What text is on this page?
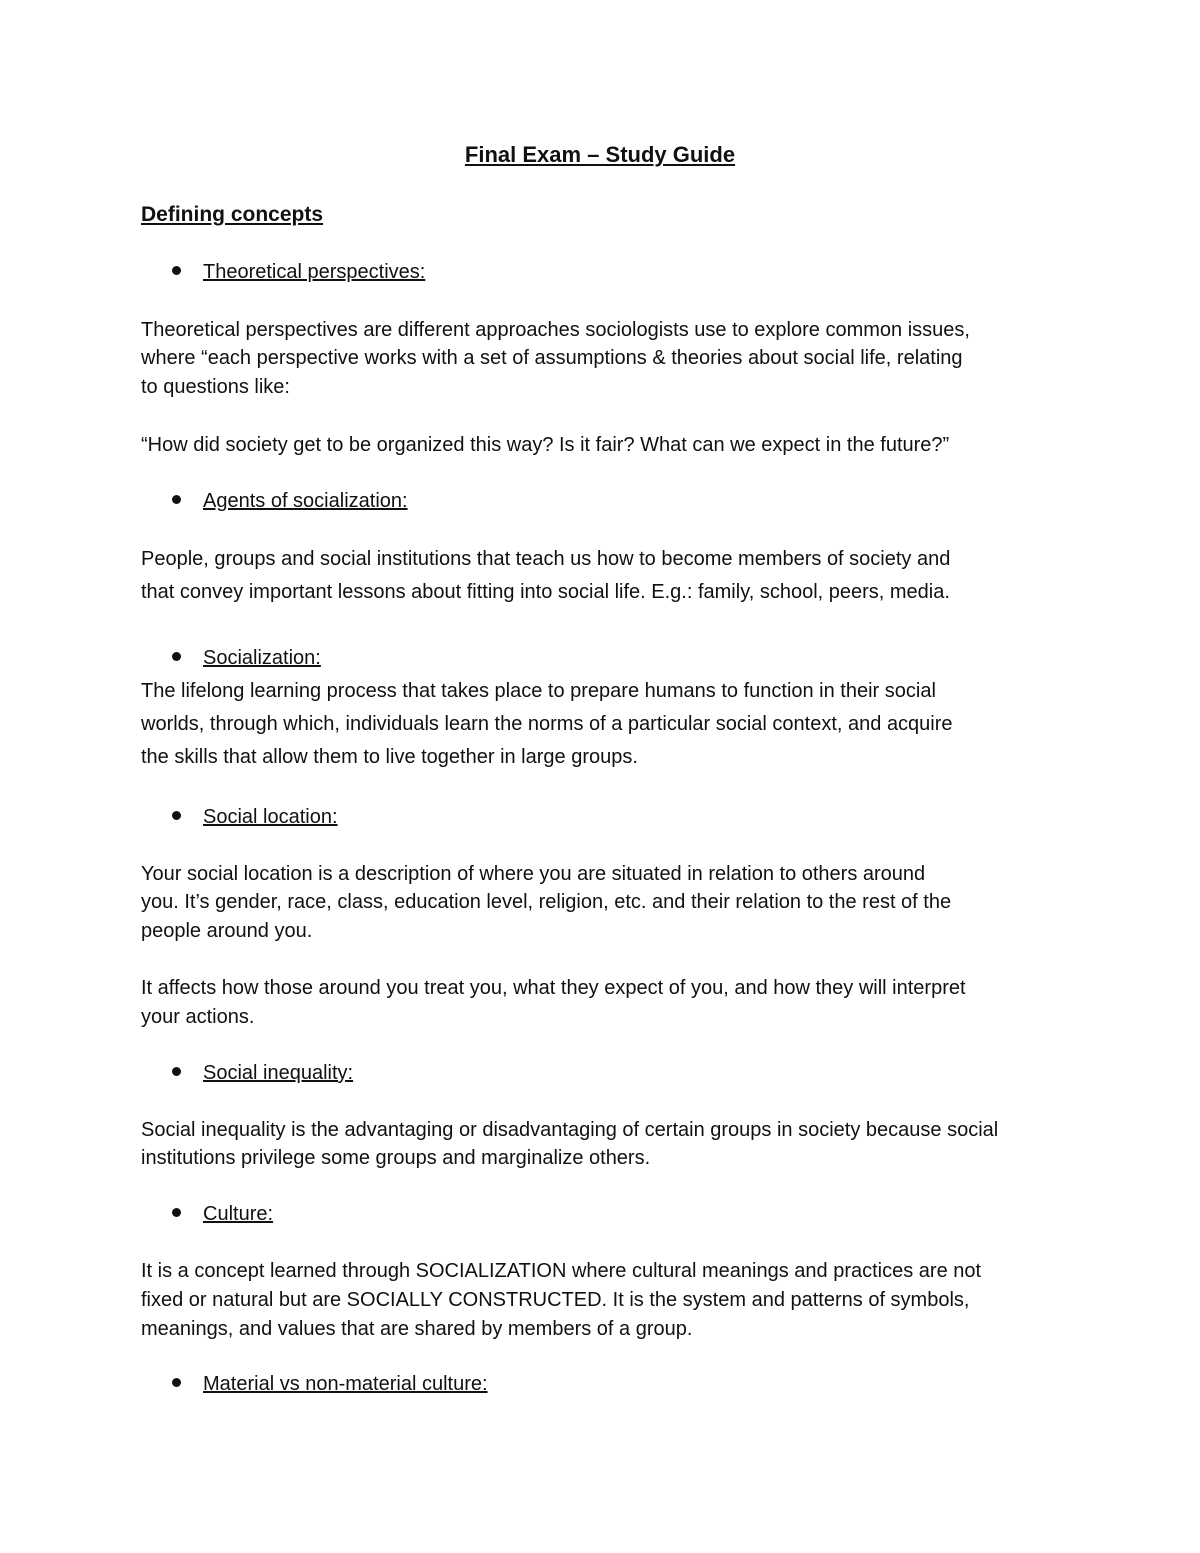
Final Exam – Study Guide
Defining concepts
Theoretical perspectives:
Theoretical perspectives are different approaches sociologists use to explore common issues,
where “each perspective works with a set of assumptions & theories about social life, relating
to questions like:
“How did society get to be organized this way? Is it fair? What can we expect in the future?”
Agents of socialization:
People, groups and social institutions that teach us how to become members of society and
that convey important lessons about fitting into social life. E.g.: family, school, peers, media.
Socialization:
The lifelong learning process that takes place to prepare humans to function in their social
worlds, through which, individuals learn the norms of a particular social context, and acquire
the skills that allow them to live together in large groups.
Social location:
Your social location is a description of where you are situated in relation to others around
you. It’s gender, race, class, education level, religion, etc. and their relation to the rest of the
people around you.
It affects how those around you treat you, what they expect of you, and how they will interpret
your actions.
Social inequality:
Social inequality is the advantaging or disadvantaging of certain groups in society because social
institutions privilege some groups and marginalize others.
Culture:
It is a concept learned through SOCIALIZATION where cultural meanings and practices are not
fixed or natural but are SOCIALLY CONSTRUCTED. It is the system and patterns of symbols,
meanings, and values that are shared by members of a group.
Material vs non-material culture:
